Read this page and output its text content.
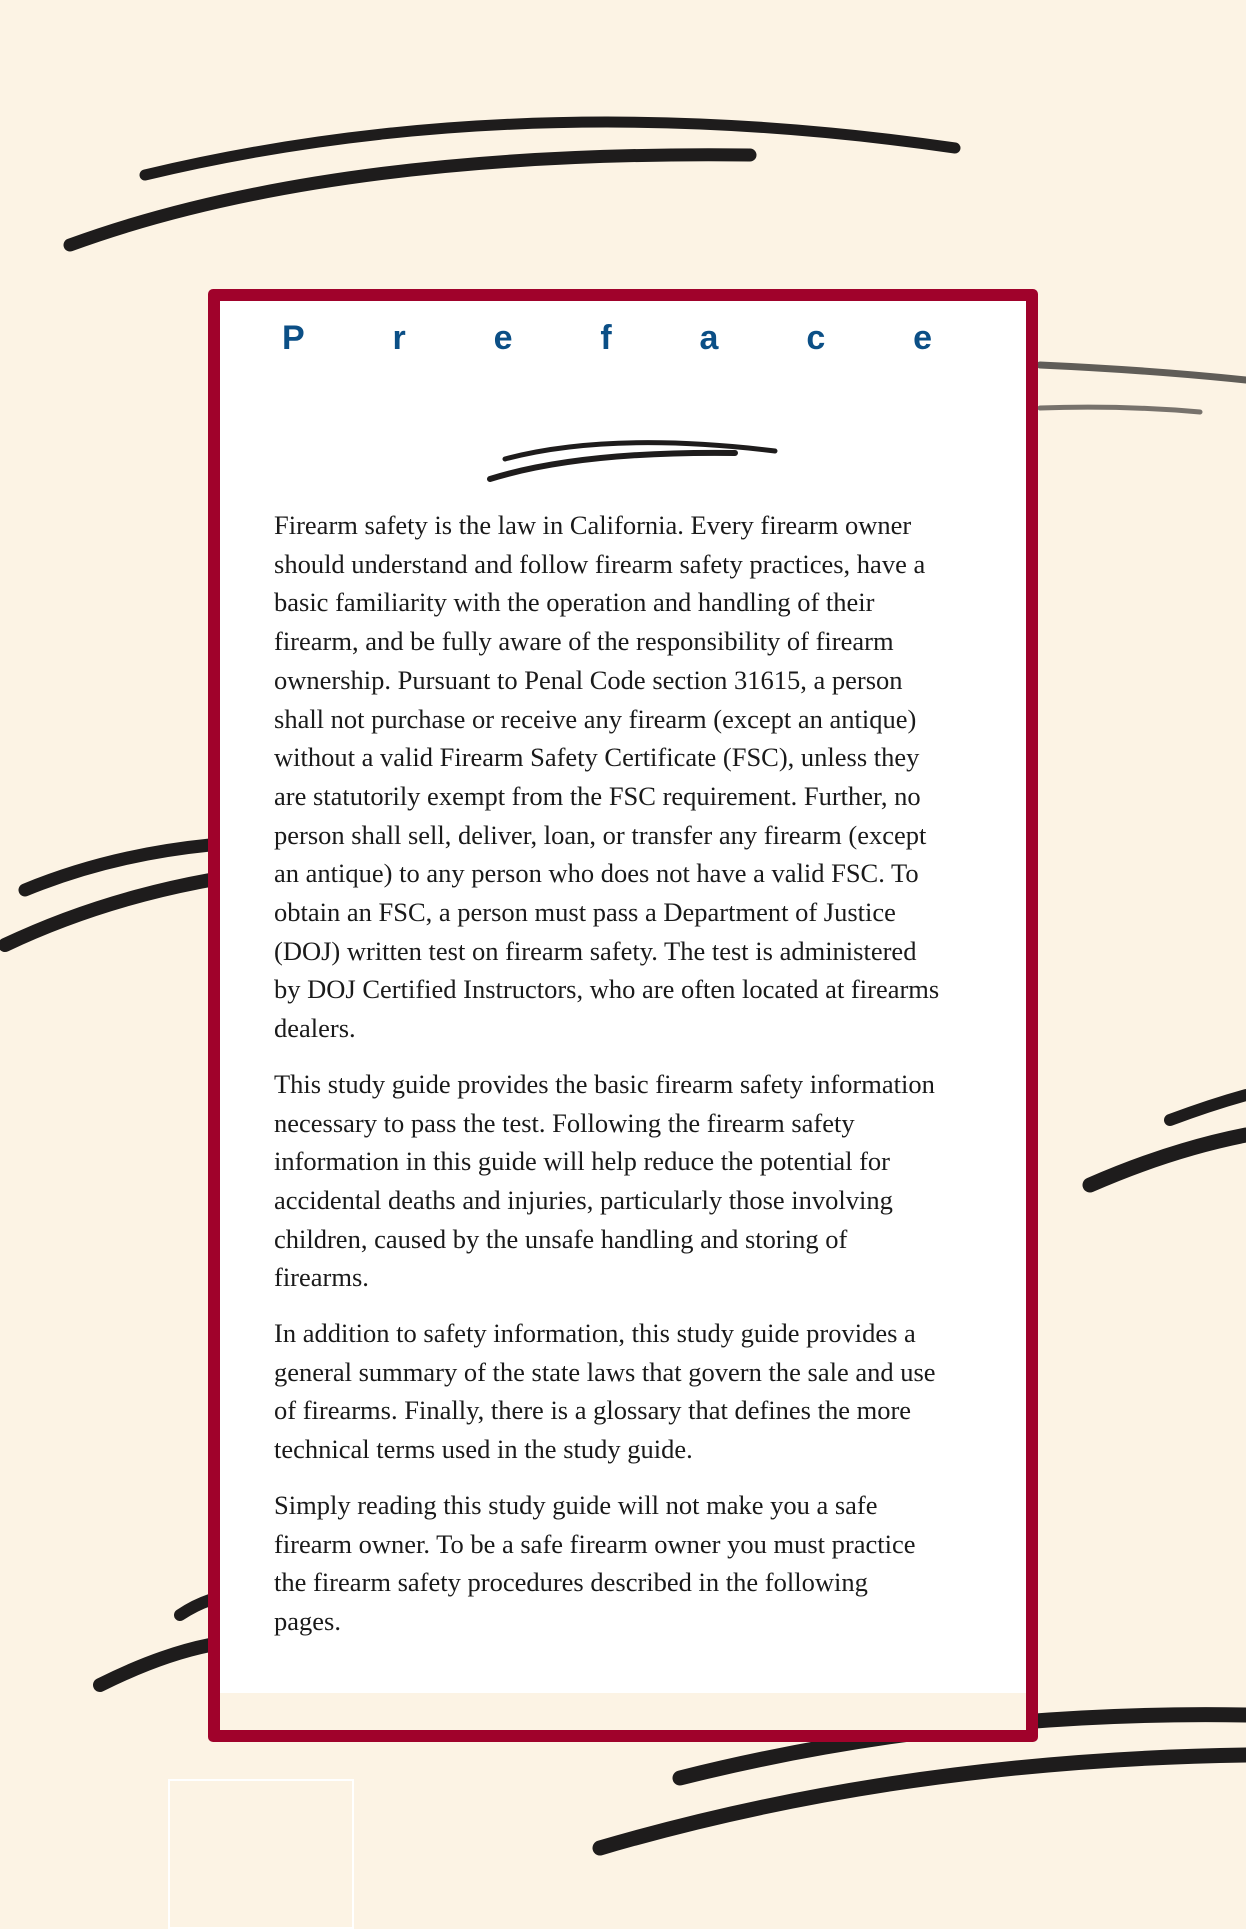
P	r	e	f	a	c	e

Firearm safety is the law in California. Every firearm owner
should understand and follow firearm safety practices, have a
basic familiarity with the operation and handling of their
firearm, and be fully aware of the responsibility of firearm
ownership. Pursuant to Penal Code section 31615, a person
shall not purchase or receive any firearm (except an antique)
without a valid Firearm Safety Certificate (FSC), unless they
are statutorily exempt from the FSC requirement. Further, no
person shall sell, deliver, loan, or transfer any firearm (except
an antique) to any person who does not have a valid FSC. To
obtain an FSC, a person must pass a Department of Justice
(DOJ) written test on firearm safety. The test is administered
by DOJ Certified Instructors, who are often located at firearms
dealers.

This study guide provides the basic firearm safety information
necessary to pass the test. Following the firearm safety
information in this guide will help reduce the potential for
accidental deaths and injuries, particularly those involving
children, caused by the unsafe handling and storing of
firearms.

In addition to safety information, this study guide provides a
general summary of the state laws that govern the sale and use
of firearms. Finally, there is a glossary that defines the more
technical terms used in the study guide.

Simply reading this study guide will not make you a safe
firearm owner. To be a safe firearm owner you must practice
the firearm safety procedures described in the following
pages.
